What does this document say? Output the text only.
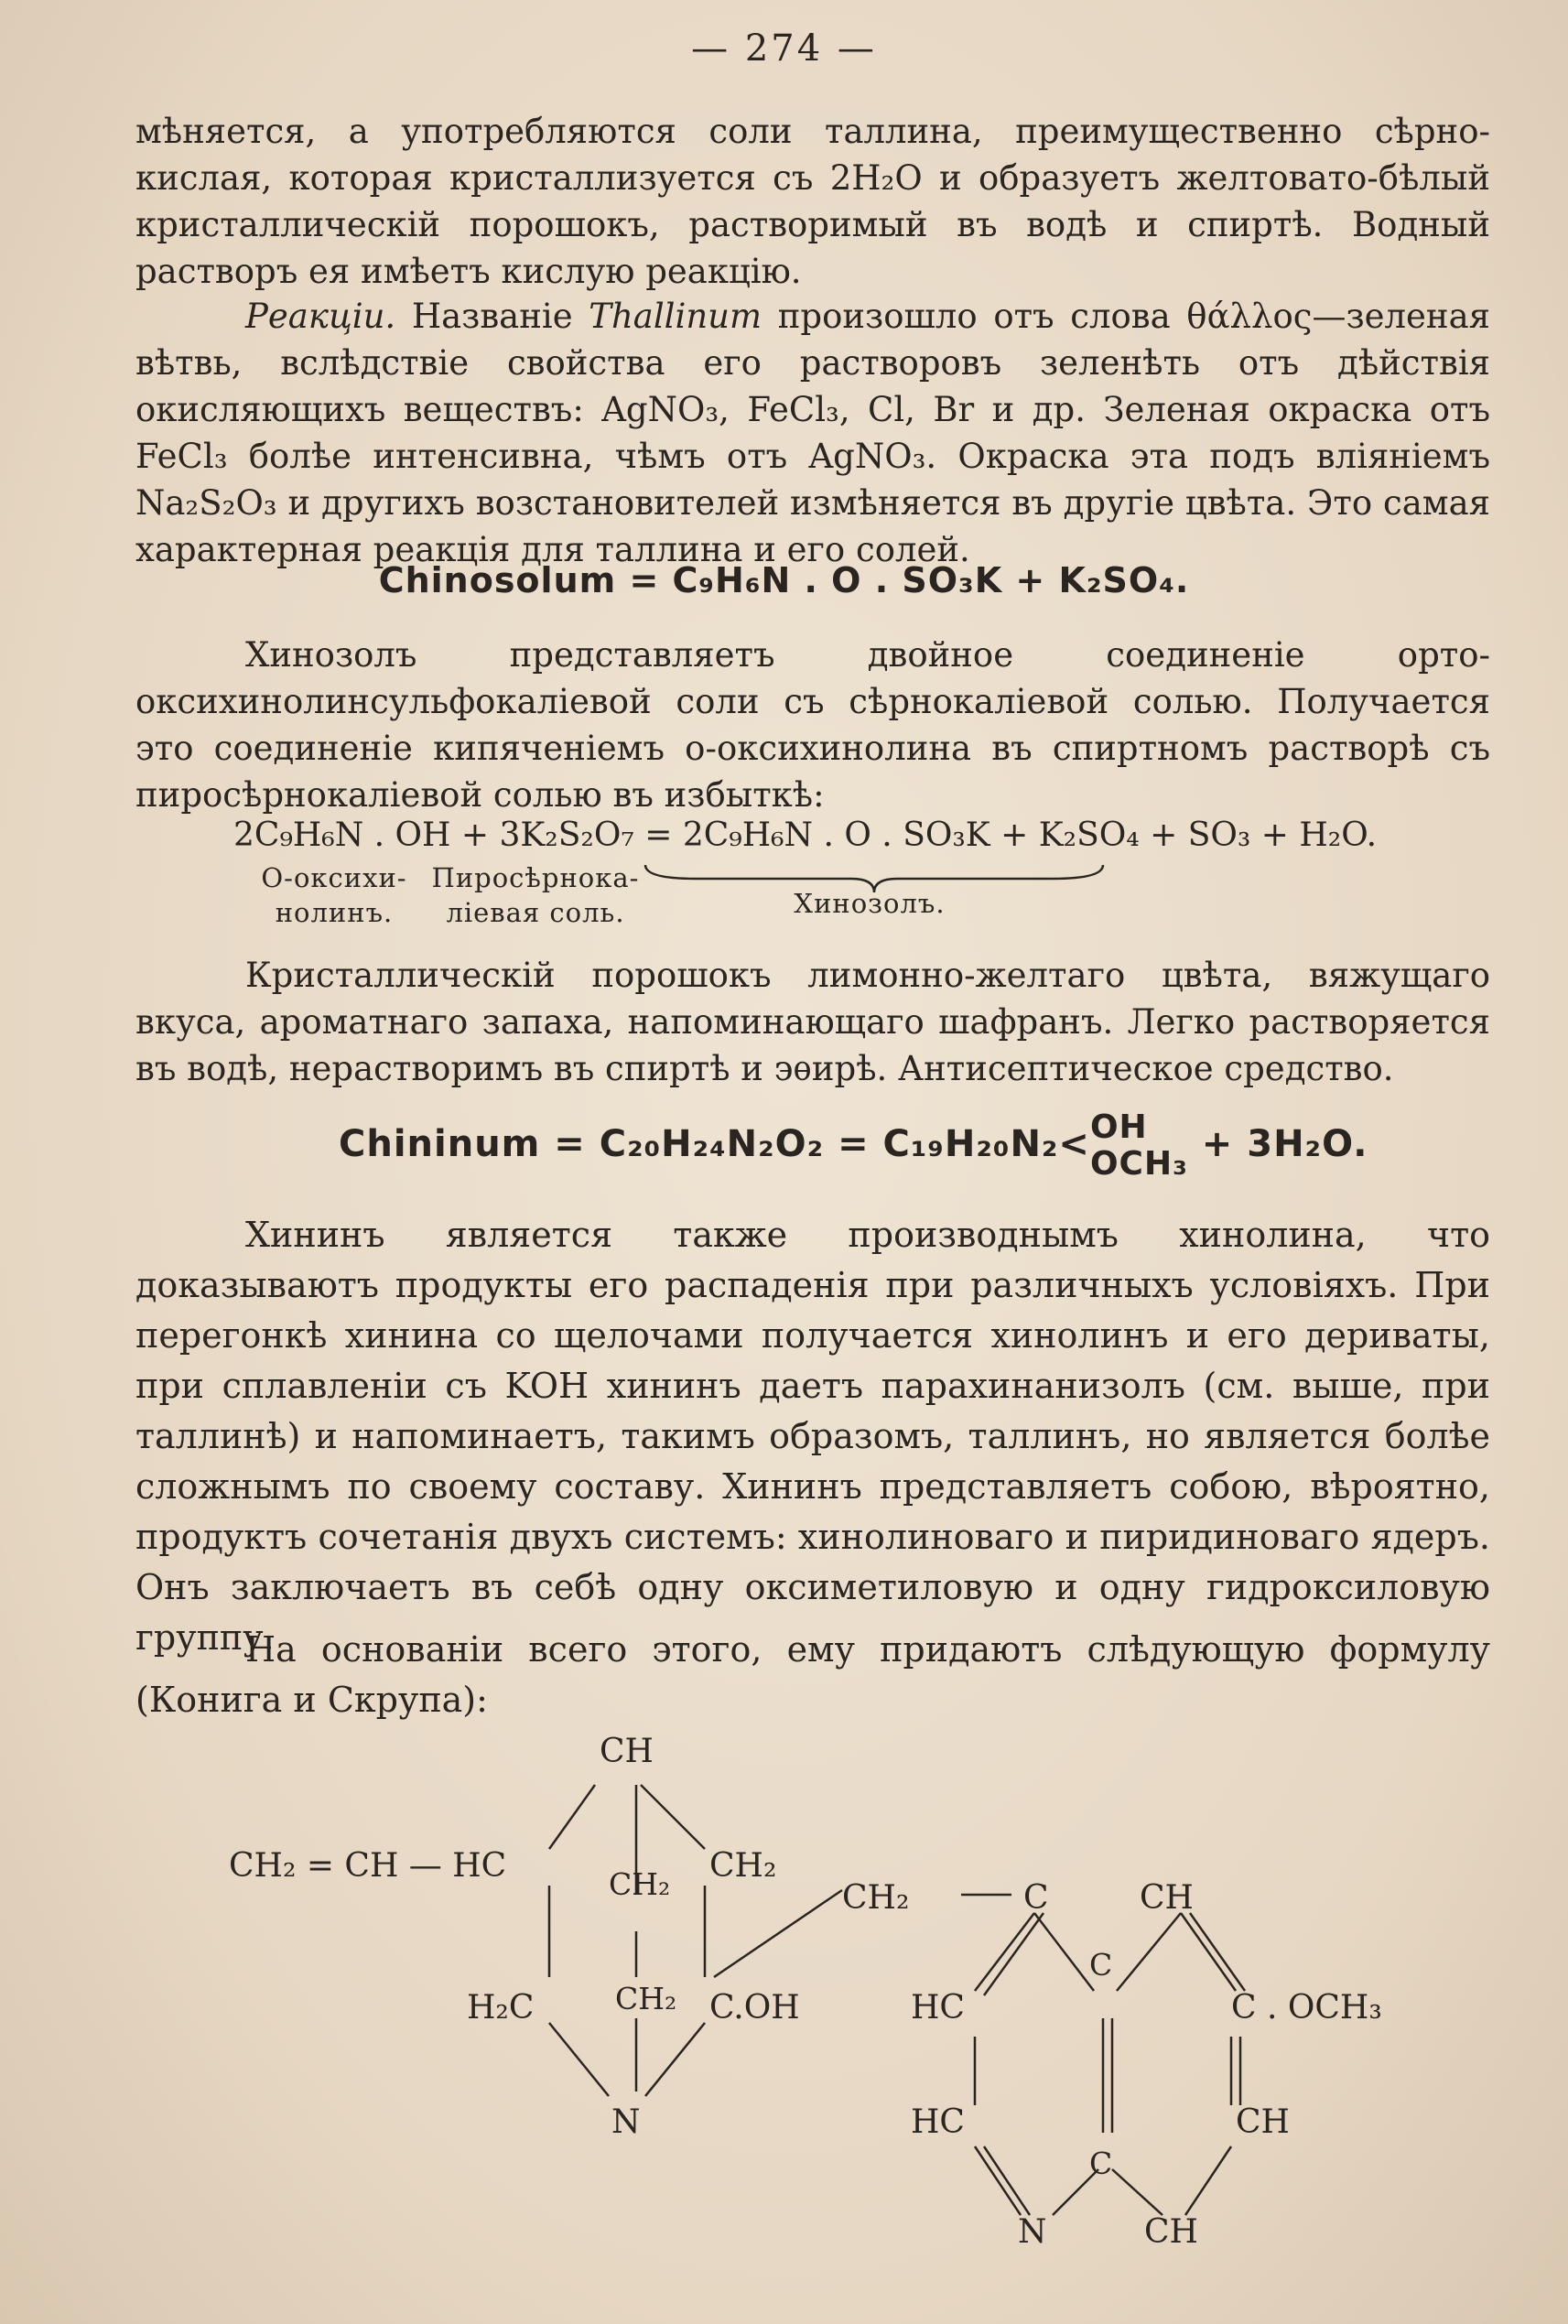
— 274 —

мѣняется, а употребляются соли таллина, преимущественно сѣрно-кислая, которая кристаллизуется съ 2H₂O и образуетъ желтовато-бѣлый кристаллическій порошокъ, растворимый въ водѣ и спиртѣ. Водный растворъ ея имѣетъ кислую реакцію.

Реакціи. Названіе Thallinum произошло отъ слова θάλλος—зеленая вѣтвь, вслѣдствіе свойства его растворовъ зеленѣть отъ дѣйствія окисляющихъ веществъ: AgNO₃, FeCl₃, Cl, Br и др. Зеленая окраска отъ FeCl₃ болѣе интенсивна, чѣмъ отъ AgNO₃. Окраска эта подъ вліяніемъ Na₂S₂O₃ и другихъ возстановителей измѣняется въ другіе цвѣта. Это самая характерная реакція для таллина и его солей.

Chinosolum = C₉H₆N . O . SO₃K + K₂SO₄.

Хинозолъ представляетъ двойное соединеніе орто-оксихинолинсульфокаліевой соли съ сѣрнокаліевой солью. Получается это соединеніе кипяченіемъ о-оксихинолина въ спиртномъ растворѣ съ пиросѣрнокаліевой солью въ избыткѣ:

2C₉H₆N . OH + 3K₂S₂O₇ = 2C₉H₆N . O . SO₃K + K₂SO₄ + SO₃ + H₂O.
О-оксихи-
нолинъ.
Пиросѣрнока-
ліевая соль.	Хинозолъ.

Кристаллическій порошокъ лимонно-желтаго цвѣта, вяжущаго вкуса, ароматнаго запаха, напоминающаго шафранъ. Легко растворяется въ водѣ, нерастворимъ въ спиртѣ и эѳирѣ. Антисептическое средство.

Chininum = C₂₀H₂₄N₂O₂ = C₁₉H₂₀N₂< OH
OCH₃ + 3H₂O.

Хининъ является также производнымъ хинолина, что доказываютъ продукты его распаденія при различныхъ условіяхъ. При перегонкѣ хинина со щелочами получается хинолинъ и его дериваты, при сплавленіи съ KOH хининъ даетъ парахинанизолъ (см. выше, при таллинѣ) и напоминаетъ, такимъ образомъ, таллинъ, но является болѣе сложнымъ по своему составу. Хининъ представляетъ собою, вѣроятно, продуктъ сочетанія двухъ системъ: хинолиноваго и пиридиноваго ядеръ. Онъ заключаетъ въ себѣ одну оксиметиловую и одну гидроксиловую группу.

На основаніи всего этого, ему придаютъ слѣдующую формулу (Конига и Скрупа):

CH
CH₂ = CH — HC	CH₂ CH₂
CH₂	C	CH
C
H₂C	CH₂ C.OH	HC	C . OCH₃
N	HC	CH
C
N	CH
